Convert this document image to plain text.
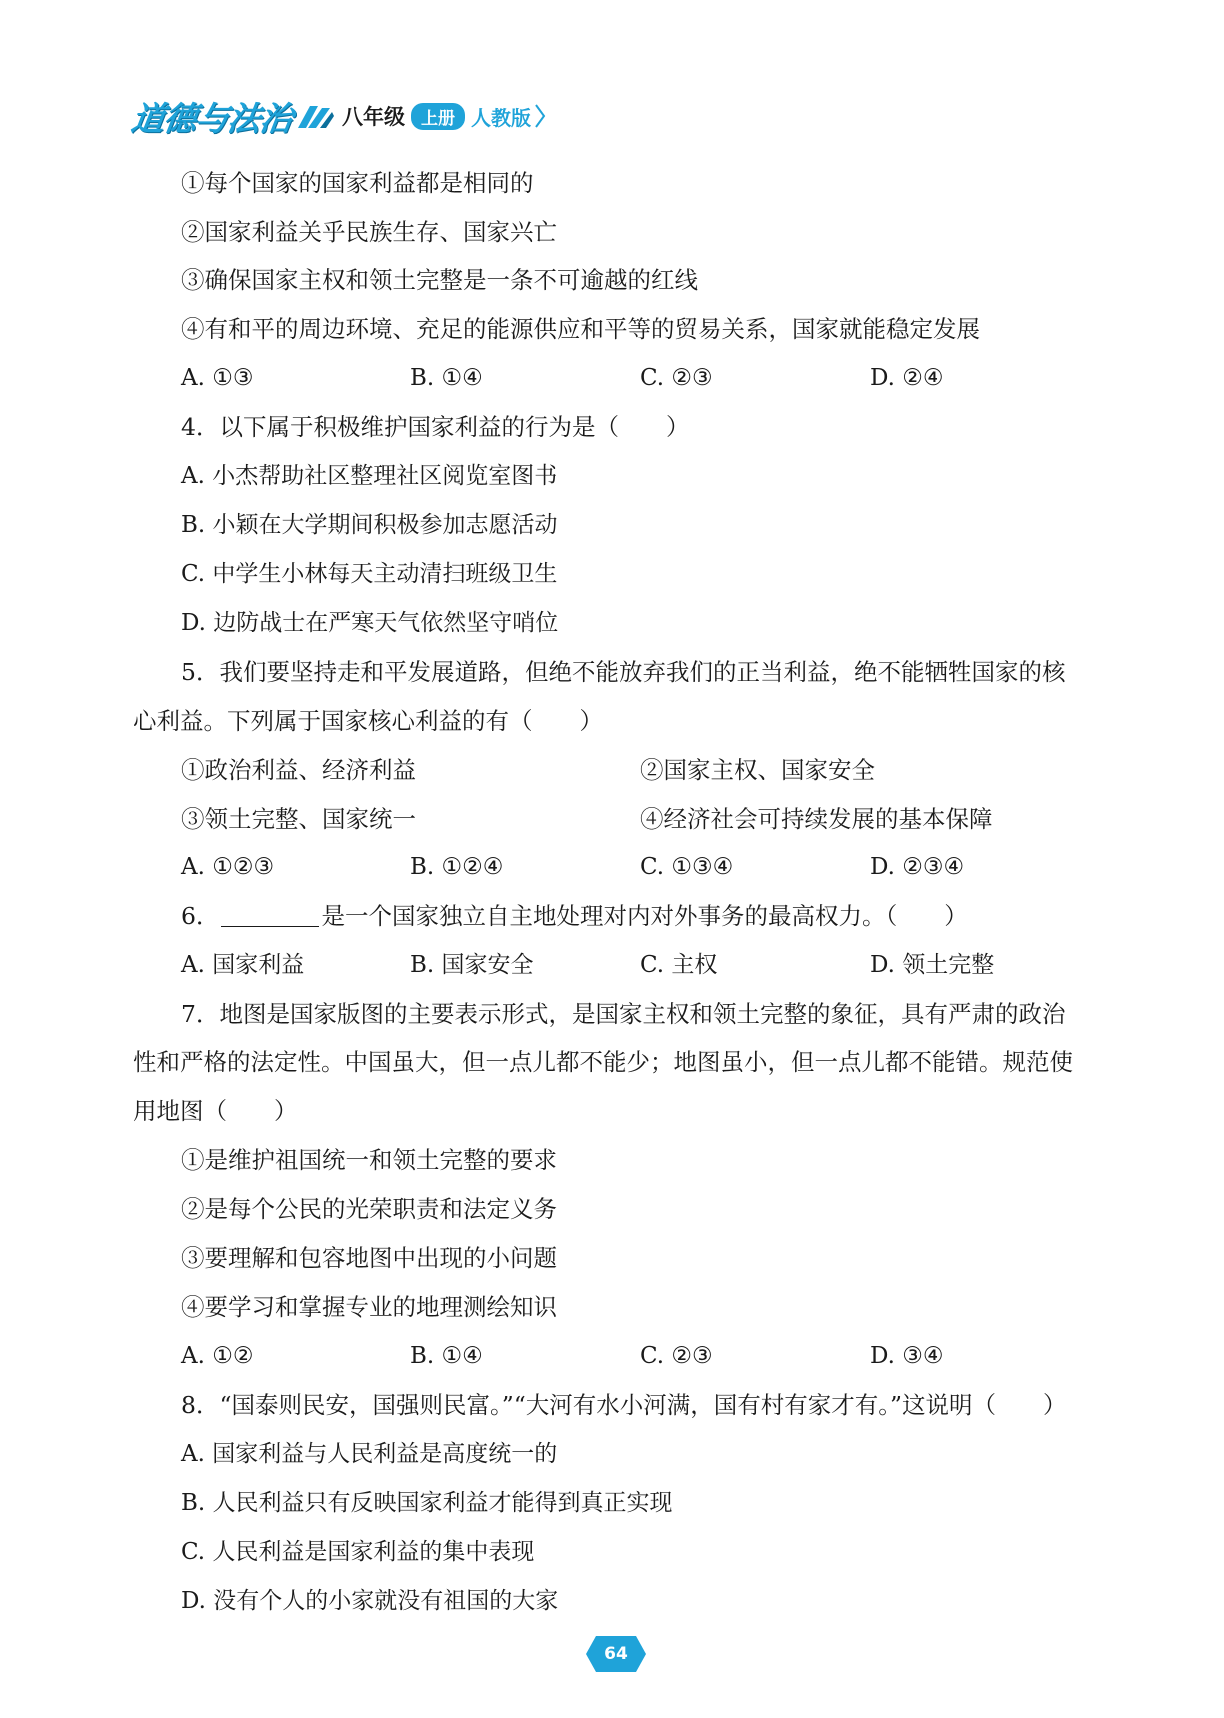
道德与法治 八年级 上册 人教版
①每个国家的国家利益都是相同的
②国家利益关乎民族生存、国家兴亡
③确保国家主权和领土完整是一条不可逾越的红线
④有和平的周边环境、充足的能源供应和平等的贸易关系，国家就能稳定发展
A. ①③	B. ①④	C. ②③	D. ②④
4．以下属于积极维护国家利益的行为是（　　）
A. 小杰帮助社区整理社区阅览室图书
B. 小颖在大学期间积极参加志愿活动
C. 中学生小林每天主动清扫班级卫生
D. 边防战士在严寒天气依然坚守哨位
5．我们要坚持走和平发展道路，但绝不能放弃我们的正当利益，绝不能牺牲国家的核
心利益。下列属于国家核心利益的有（　　）
①政治利益、经济利益	②国家主权、国家安全
③领土完整、国家统一	④经济社会可持续发展的基本保障
A. ①②③	B. ①②④	C. ①③④	D. ②③④
6．	是一个国家独立自主地处理对内对外事务的最高权力。（　　）
A. 国家利益	B. 国家安全	C. 主权	D. 领土完整
7．地图是国家版图的主要表示形式，是国家主权和领土完整的象征，具有严肃的政治
性和严格的法定性。中国虽大，但一点儿都不能少；地图虽小，但一点儿都不能错。规范使
用地图（　　）
①是维护祖国统一和领土完整的要求
②是每个公民的光荣职责和法定义务
③要理解和包容地图中出现的小问题
④要学习和掌握专业的地理测绘知识
A. ①②	B. ①④	C. ②③	D. ③④
8．“国泰则民安，国强则民富。”“大河有水小河满，国有村有家才有。”这说明（　　）
A. 国家利益与人民利益是高度统一的
B. 人民利益只有反映国家利益才能得到真正实现
C. 人民利益是国家利益的集中表现
D. 没有个人的小家就没有祖国的大家
64
